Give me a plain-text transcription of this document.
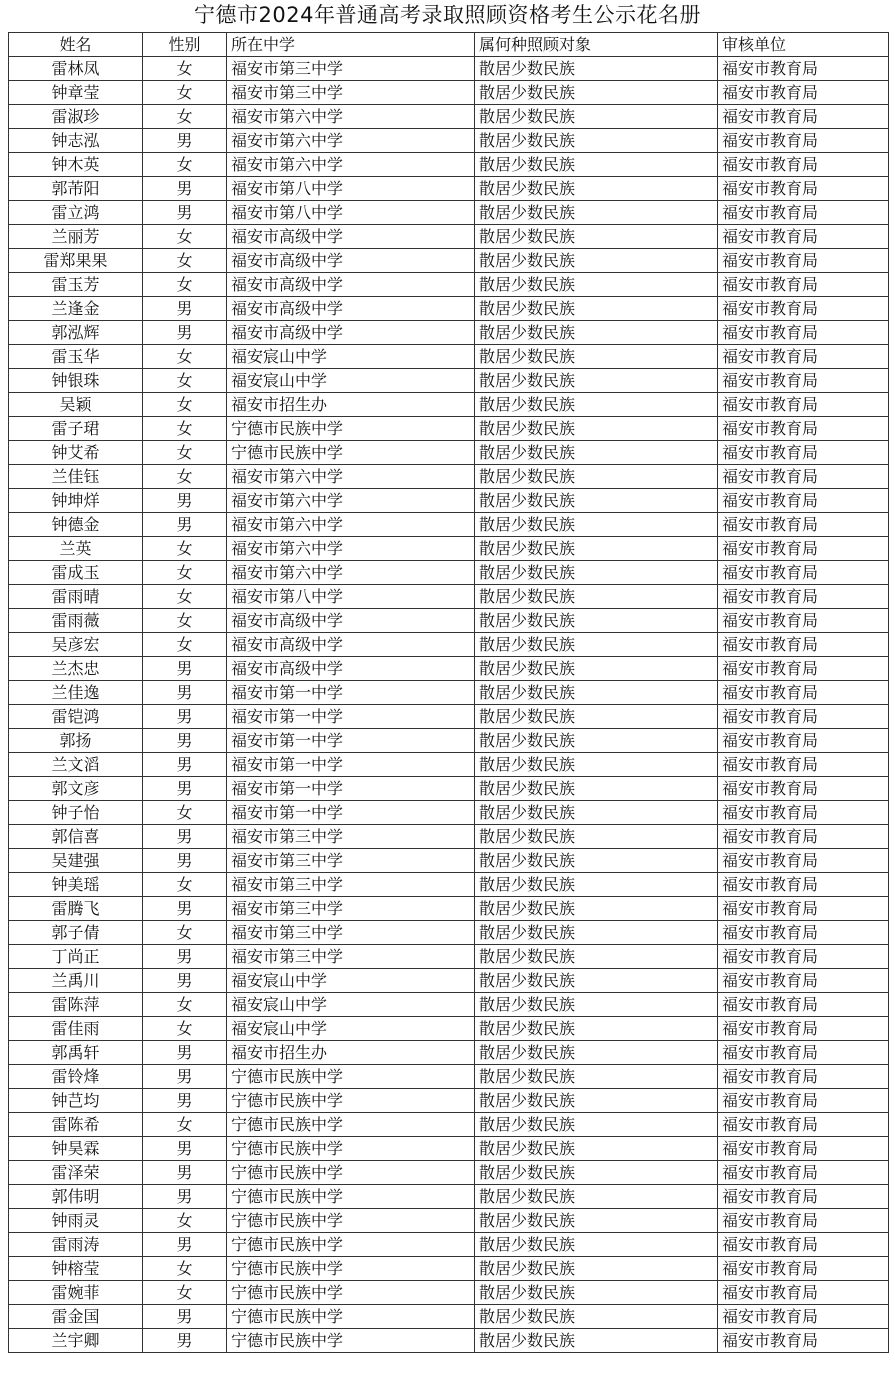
宁德市2024年普通高考录取照顾资格考生公示花名册
姓名	性别	所在中学	属何种照顾对象	审核单位
雷林凤	女	福安市第三中学	散居少数民族	福安市教育局
钟章莹	女	福安市第三中学	散居少数民族	福安市教育局
雷淑珍	女	福安市第六中学	散居少数民族	福安市教育局
钟志泓	男	福安市第六中学	散居少数民族	福安市教育局
钟木英	女	福安市第六中学	散居少数民族	福安市教育局
郭芾阳	男	福安市第八中学	散居少数民族	福安市教育局
雷立鸿	男	福安市第八中学	散居少数民族	福安市教育局
兰丽芳	女	福安市高级中学	散居少数民族	福安市教育局
雷郑果果	女	福安市高级中学	散居少数民族	福安市教育局
雷玉芳	女	福安市高级中学	散居少数民族	福安市教育局
兰逢金	男	福安市高级中学	散居少数民族	福安市教育局
郭泓辉	男	福安市高级中学	散居少数民族	福安市教育局
雷玉华	女	福安宸山中学	散居少数民族	福安市教育局
钟银珠	女	福安宸山中学	散居少数民族	福安市教育局
吴颖	女	福安市招生办	散居少数民族	福安市教育局
雷子珺	女	宁德市民族中学	散居少数民族	福安市教育局
钟艾希	女	宁德市民族中学	散居少数民族	福安市教育局
兰佳钰	女	福安市第六中学	散居少数民族	福安市教育局
钟坤烊	男	福安市第六中学	散居少数民族	福安市教育局
钟德金	男	福安市第六中学	散居少数民族	福安市教育局
兰英	女	福安市第六中学	散居少数民族	福安市教育局
雷成玉	女	福安市第六中学	散居少数民族	福安市教育局
雷雨晴	女	福安市第八中学	散居少数民族	福安市教育局
雷雨薇	女	福安市高级中学	散居少数民族	福安市教育局
吴彦宏	女	福安市高级中学	散居少数民族	福安市教育局
兰杰忠	男	福安市高级中学	散居少数民族	福安市教育局
兰佳逸	男	福安市第一中学	散居少数民族	福安市教育局
雷铠鸿	男	福安市第一中学	散居少数民族	福安市教育局
郭扬	男	福安市第一中学	散居少数民族	福安市教育局
兰文滔	男	福安市第一中学	散居少数民族	福安市教育局
郭文彦	男	福安市第一中学	散居少数民族	福安市教育局
钟子怡	女	福安市第一中学	散居少数民族	福安市教育局
郭信喜	男	福安市第三中学	散居少数民族	福安市教育局
吴建强	男	福安市第三中学	散居少数民族	福安市教育局
钟美瑶	女	福安市第三中学	散居少数民族	福安市教育局
雷腾飞	男	福安市第三中学	散居少数民族	福安市教育局
郭子倩	女	福安市第三中学	散居少数民族	福安市教育局
丁尚正	男	福安市第三中学	散居少数民族	福安市教育局
兰禹川	男	福安宸山中学	散居少数民族	福安市教育局
雷陈萍	女	福安宸山中学	散居少数民族	福安市教育局
雷佳雨	女	福安宸山中学	散居少数民族	福安市教育局
郭禹轩	男	福安市招生办	散居少数民族	福安市教育局
雷铃烽	男	宁德市民族中学	散居少数民族	福安市教育局
钟芑均	男	宁德市民族中学	散居少数民族	福安市教育局
雷陈希	女	宁德市民族中学	散居少数民族	福安市教育局
钟昊霖	男	宁德市民族中学	散居少数民族	福安市教育局
雷泽荣	男	宁德市民族中学	散居少数民族	福安市教育局
郭伟明	男	宁德市民族中学	散居少数民族	福安市教育局
钟雨灵	女	宁德市民族中学	散居少数民族	福安市教育局
雷雨涛	男	宁德市民族中学	散居少数民族	福安市教育局
钟榕莹	女	宁德市民族中学	散居少数民族	福安市教育局
雷婉菲	女	宁德市民族中学	散居少数民族	福安市教育局
雷金国	男	宁德市民族中学	散居少数民族	福安市教育局
兰宇卿	男	宁德市民族中学	散居少数民族	福安市教育局
